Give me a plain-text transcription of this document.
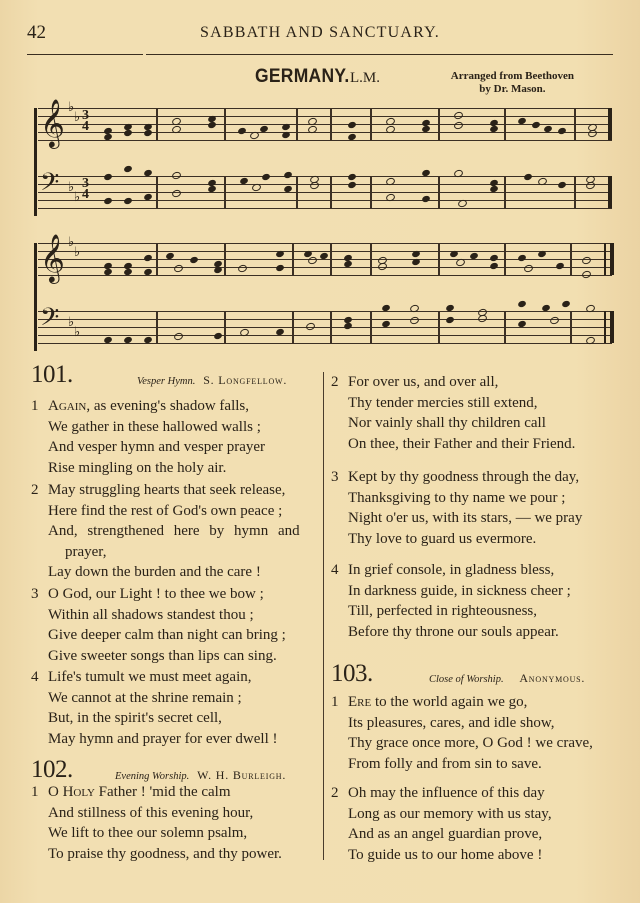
42	SABBATH AND SANCTUARY.
GERMANY. L.M.	Arranged from Beethoven
by Dr. Mason.
𝄞 ♭
♭ 3
4
𝄢 ♭
♭
3
4
𝄞 ♭
♭
𝄢 ♭
♭
101.	Vesper Hymn. S. Longfellow.
1 Again, as evening's shadow falls,
We gather in these hallowed walls ;
And vesper hymn and vesper prayer
Rise mingling on the holy air.
2 May struggling hearts that seek release,
Here find the rest of God's own peace ;
And, strengthened here by hymn and
prayer,
Lay down the burden and the care !
3 O God, our Light ! to thee we bow ;
Within all shadows standest thou ;
Give deeper calm than night can bring ;
Give sweeter songs than lips can sing.
4 Life's tumult we must meet again,
We cannot at the shrine remain ;
But, in the spirit's secret cell,
May hymn and prayer for ever dwell !
102.	Evening Worship. W. H. Burleigh.
1 O Holy Father ! 'mid the calm
And stillness of this evening hour,
We lift to thee our solemn psalm,
To praise thy goodness, and thy power.
2 For over us, and over all,
Thy tender mercies still extend,
Nor vainly shall thy children call
On thee, their Father and their Friend.
3 Kept by thy goodness through the day,
Thanksgiving to thy name we pour ;
Night o'er us, with its stars, — we pray
Thy love to guard us evermore.
4 In grief console, in gladness bless,
In darkness guide, in sickness cheer ;
Till, perfected in righteousness,
Before thy throne our souls appear.
103.	Close of Worship. Anonymous.
1 Ere to the world again we go,
Its pleasures, cares, and idle show,
Thy grace once more, O God ! we crave,
From folly and from sin to save.
2 Oh may the influence of this day
Long as our memory with us stay,
And as an angel guardian prove,
To guide us to our home above !
